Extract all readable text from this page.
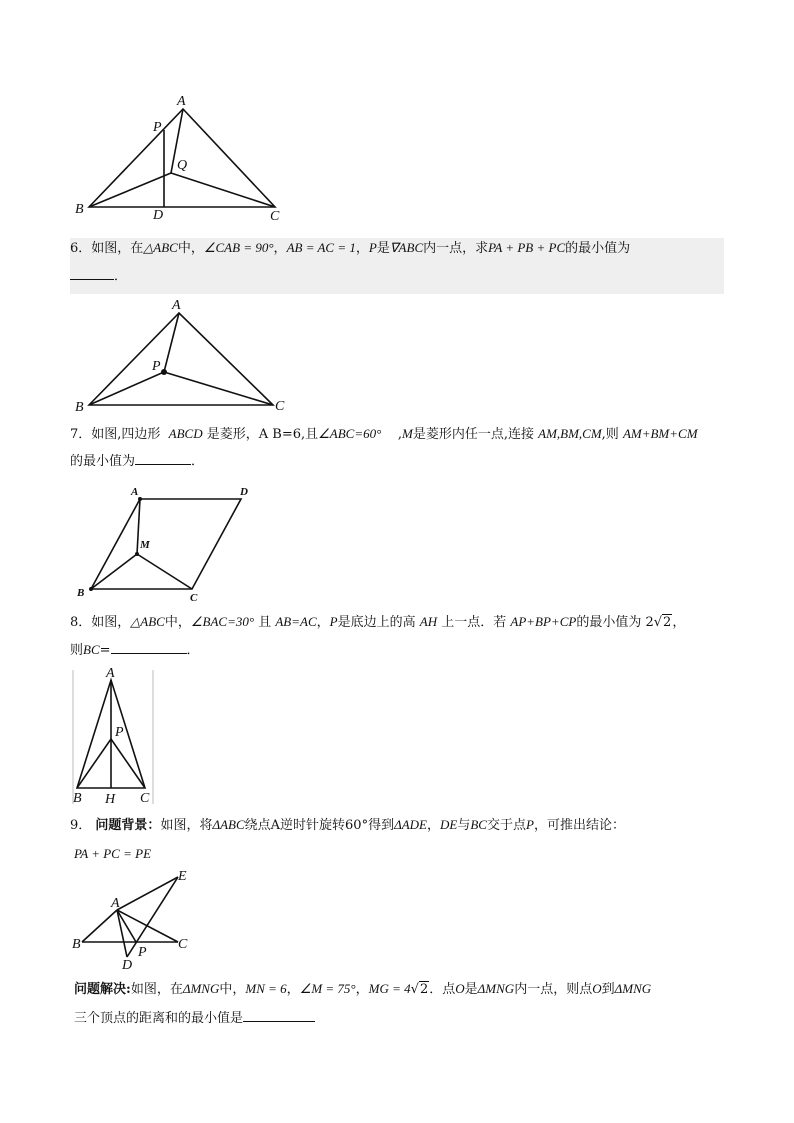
A
P
Q
B	D	C
6．如图，在△ABC中，∠CAB = 90°，AB = AC = 1，P是∇ABC内一点，求PA + PB + PC的最小值为
．
A
P
B	C
7．如图,四边形 ABCD 是菱形，A B=6,且∠ABC=60° ,M是菱形内任一点,连接 AM,BM,CM,则 AM+BM+CM
的最小值为	．
A	D
M
B	C
8．如图，△ABC中，∠BAC=30° 且 AB=AC，P是底边上的高 AH 上一点．若 AP+BP+CP的最小值为 2√2，
则BC=	．
A
P
B H C
9． 问题背景：如图，将ΔABC绕点A逆时针旋转60°得到ΔADE，DE与BC交于点P，可推出结论：
PA + PC = PE
A
E
B
P
C
D
问题解决:如图，在ΔMNG中，MN = 6，∠M = 75°，MG = 4√2．点O是ΔMNG内一点，则点O到ΔMNG
三个顶点的距离和的最小值是
